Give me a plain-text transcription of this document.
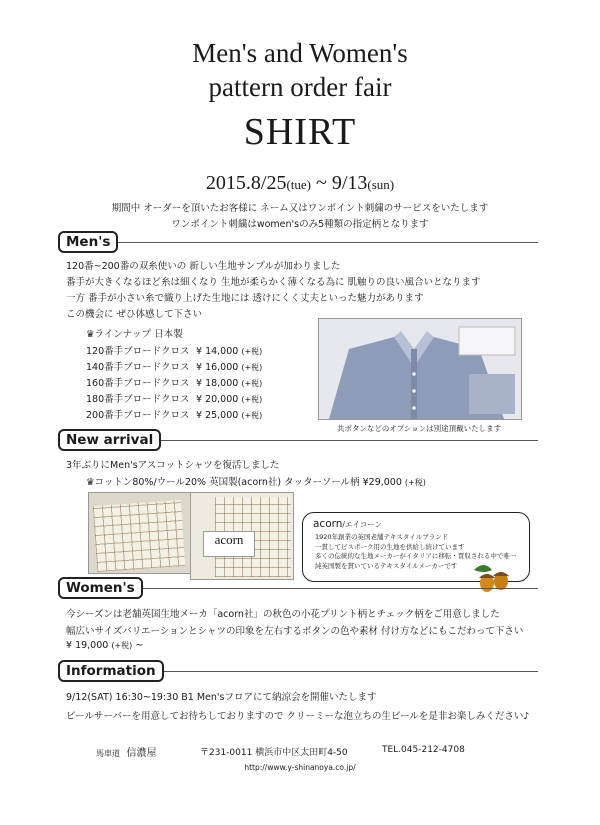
Men's and Women's
pattern order fair
SHIRT
2015.8/25(tue) ~ 9/13(sun)
期間中 オーダーを頂いたお客様に ネーム又はワンポイント刺繍のサービスをいたします
ワンポイント刺繍はwomen'sのみ5種類の指定柄となります
Men's
120番~200番の双糸使いの 新しい生地サンプルが加わりました
番手が大きくなるほど糸は細くなり 生地が柔らかく薄くなる為に 肌触りの良い風合いとなります
一方 番手が小さい糸で織り上げた生地には 透けにくく丈夫といった魅力があります
この機会に ぜひ体感して下さい
♛ラインナップ 日本製
120番手ブロードクロス ¥ 14,000 (+税)
140番手ブロードクロス ¥ 16,000 (+税)
160番手ブロードクロス ¥ 18,000 (+税)
180番手ブロードクロス ¥ 20,000 (+税)
200番手ブロードクロス ¥ 25,000 (+税)
共ボタンなどのオプションは別途頂戴いたします
New arrival
3年ぶりにMen'sアスコットシャツを復活しました
♛コットン80%/ウール20% 英国製(acorn社) タッターソール柄 ¥29,000 (+税)
acorn
acorn/エイコーン
1920年創業の英国老舗テキスタイルブランド
一貫してビスポーク用の生地を供給し続けています
多くの伝統的な生地メーカーがイタリアに移転・買収される中で唯一
純英国製を貫いているテキスタイルメーカーです
Women's
今シーズンは老舗英国生地メーカ「acorn社」の秋色の小花プリント柄とチェック柄をご用意しました
幅広いサイズバリエーションとシャツの印象を左右するボタンの色や素材 付け方などにもこだわって下さい
¥ 19,000 (+税) ~
Information
9/12(SAT) 16:30~19:30 B1 Men'sフロアにて納涼会を開催いたします
ビールサーバーを用意してお待ちしておりますので クリーミーな泡立ちの生ビールを是非お楽しみください♪
馬車道 信濃屋	〒231-0011 横浜市中区太田町4-50	TEL.045-212-4708
http://www.y-shinanoya.co.jp/
